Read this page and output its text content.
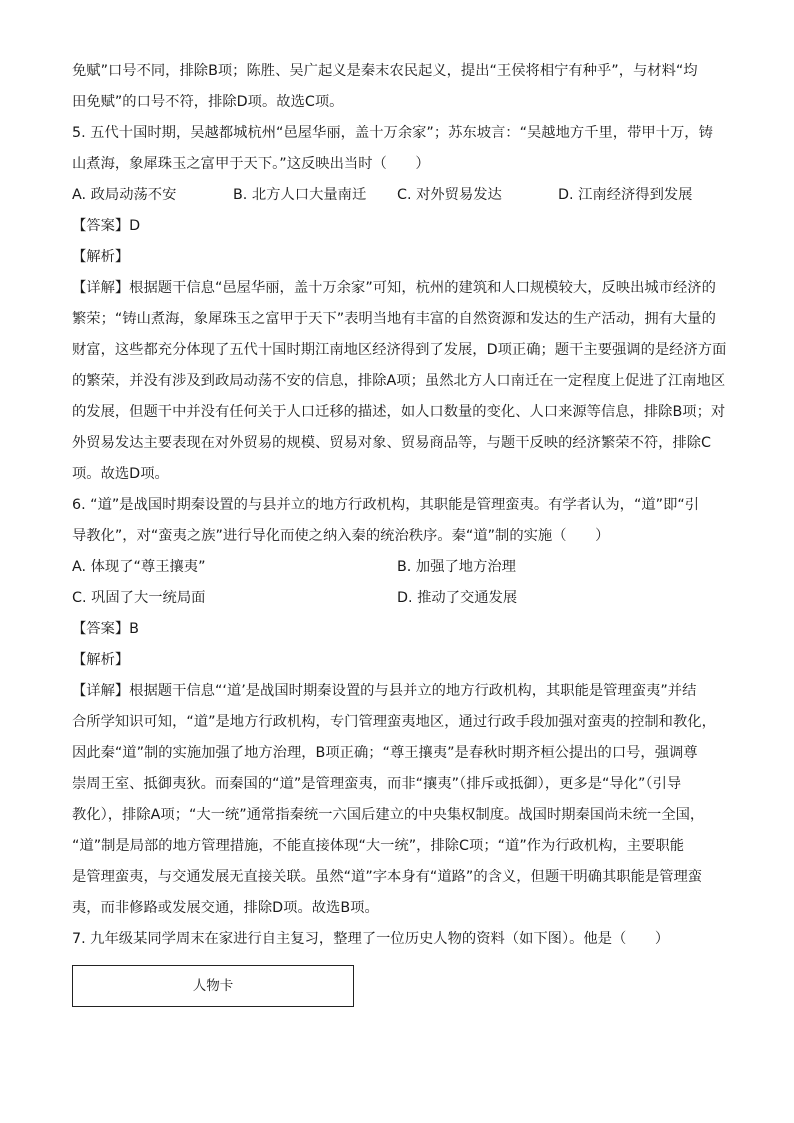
免赋”口号不同，排除B项；陈胜、吴广起义是秦末农民起义，提出“王侯将相宁有种乎”，与材料“均
田免赋”的口号不符，排除D项。故选C项。
5. 五代十国时期，吴越都城杭州“邑屋华丽，盖十万余家”；苏东坡言：“吴越地方千里，带甲十万，铸
山煮海，象犀珠玉之富甲于天下。”这反映出当时（　　）
A. 政局动荡不安	B. 北方人口大量南迁	C. 对外贸易发达	D. 江南经济得到发展
【答案】D
【解析】
【详解】根据题干信息“邑屋华丽，盖十万余家”可知，杭州的建筑和人口规模较大，反映出城市经济的
繁荣；“铸山煮海，象犀珠玉之富甲于天下”表明当地有丰富的自然资源和发达的生产活动，拥有大量的
财富，这些都充分体现了五代十国时期江南地区经济得到了发展，D项正确；题干主要强调的是经济方面
的繁荣，并没有涉及到政局动荡不安的信息，排除A项；虽然北方人口南迁在一定程度上促进了江南地区
的发展，但题干中并没有任何关于人口迁移的描述，如人口数量的变化、人口来源等信息，排除B项；对
外贸易发达主要表现在对外贸易的规模、贸易对象、贸易商品等，与题干反映的经济繁荣不符，排除C
项。故选D项。
6. “道”是战国时期秦设置的与县并立的地方行政机构，其职能是管理蛮夷。有学者认为，“道”即“引
导教化”，对“蛮夷之族”进行导化而使之纳入秦的统治秩序。秦“道”制的实施（　　）
A. 体现了“尊王攘夷”	B. 加强了地方治理
C. 巩固了大一统局面	D. 推动了交通发展
【答案】B
【解析】
【详解】根据题干信息“‘道’是战国时期秦设置的与县并立的地方行政机构，其职能是管理蛮夷”并结
合所学知识可知，“道”是地方行政机构，专门管理蛮夷地区，通过行政手段加强对蛮夷的控制和教化，
因此秦“道”制的实施加强了地方治理，B项正确；“尊王攘夷”是春秋时期齐桓公提出的口号，强调尊
崇周王室、抵御夷狄。而秦国的“道”是管理蛮夷，而非“攘夷”（排斥或抵御），更多是“导化”（引导
教化），排除A项；“大一统”通常指秦统一六国后建立的中央集权制度。战国时期秦国尚未统一全国，
“道”制是局部的地方管理措施，不能直接体现“大一统”，排除C项；“道”作为行政机构，主要职能
是管理蛮夷，与交通发展无直接关联。虽然“道”字本身有“道路”的含义，但题干明确其职能是管理蛮
夷，而非修路或发展交通，排除D项。故选B项。
7. 九年级某同学周末在家进行自主复习，整理了一位历史人物的资料（如下图）。他是（　　）
人物卡
